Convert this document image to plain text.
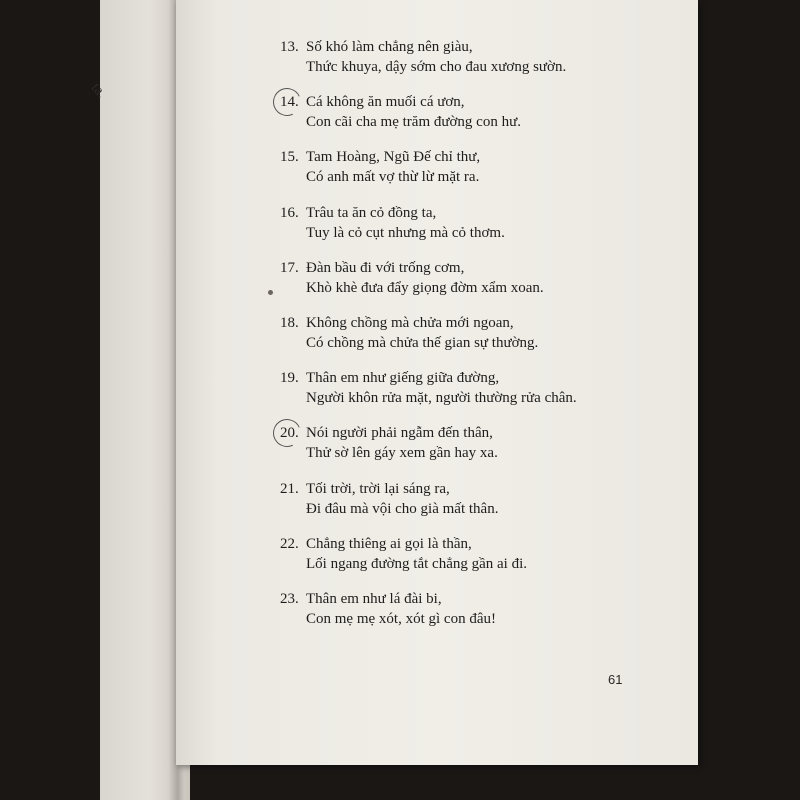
ta.
13. Số khó làm chẳng nên giàu,
Thức khuya, dậy sớm cho đau xương sườn.
14. Cá không ăn muối cá ươn,
Con cãi cha mẹ trăm đường con hư.
15. Tam Hoàng, Ngũ Đế chỉ thư,
Có anh mất vợ thừ lừ mặt ra.
16. Trâu ta ăn cỏ đồng ta,
Tuy là cỏ cụt nhưng mà cỏ thơm.
17. Đàn bầu đi với trống cơm,
Khò khè đưa đẩy giọng đờm xẩm xoan.
18. Không chồng mà chửa mới ngoan,
Có chồng mà chửa thế gian sự thường.
19. Thân em như giếng giữa đường,
Người khôn rửa mặt, người thường rửa chân.
20. Nói người phải ngẫm đến thân,
Thử sờ lên gáy xem gần hay xa.
21. Tối trời, trời lại sáng ra,
Đi đâu mà vội cho già mất thân.
22. Chẳng thiêng ai gọi là thần,
Lối ngang đường tắt chẳng gần ai đi.
23. Thân em như lá đài bi,
Con mẹ mẹ xót, xót gì con đâu!
61
